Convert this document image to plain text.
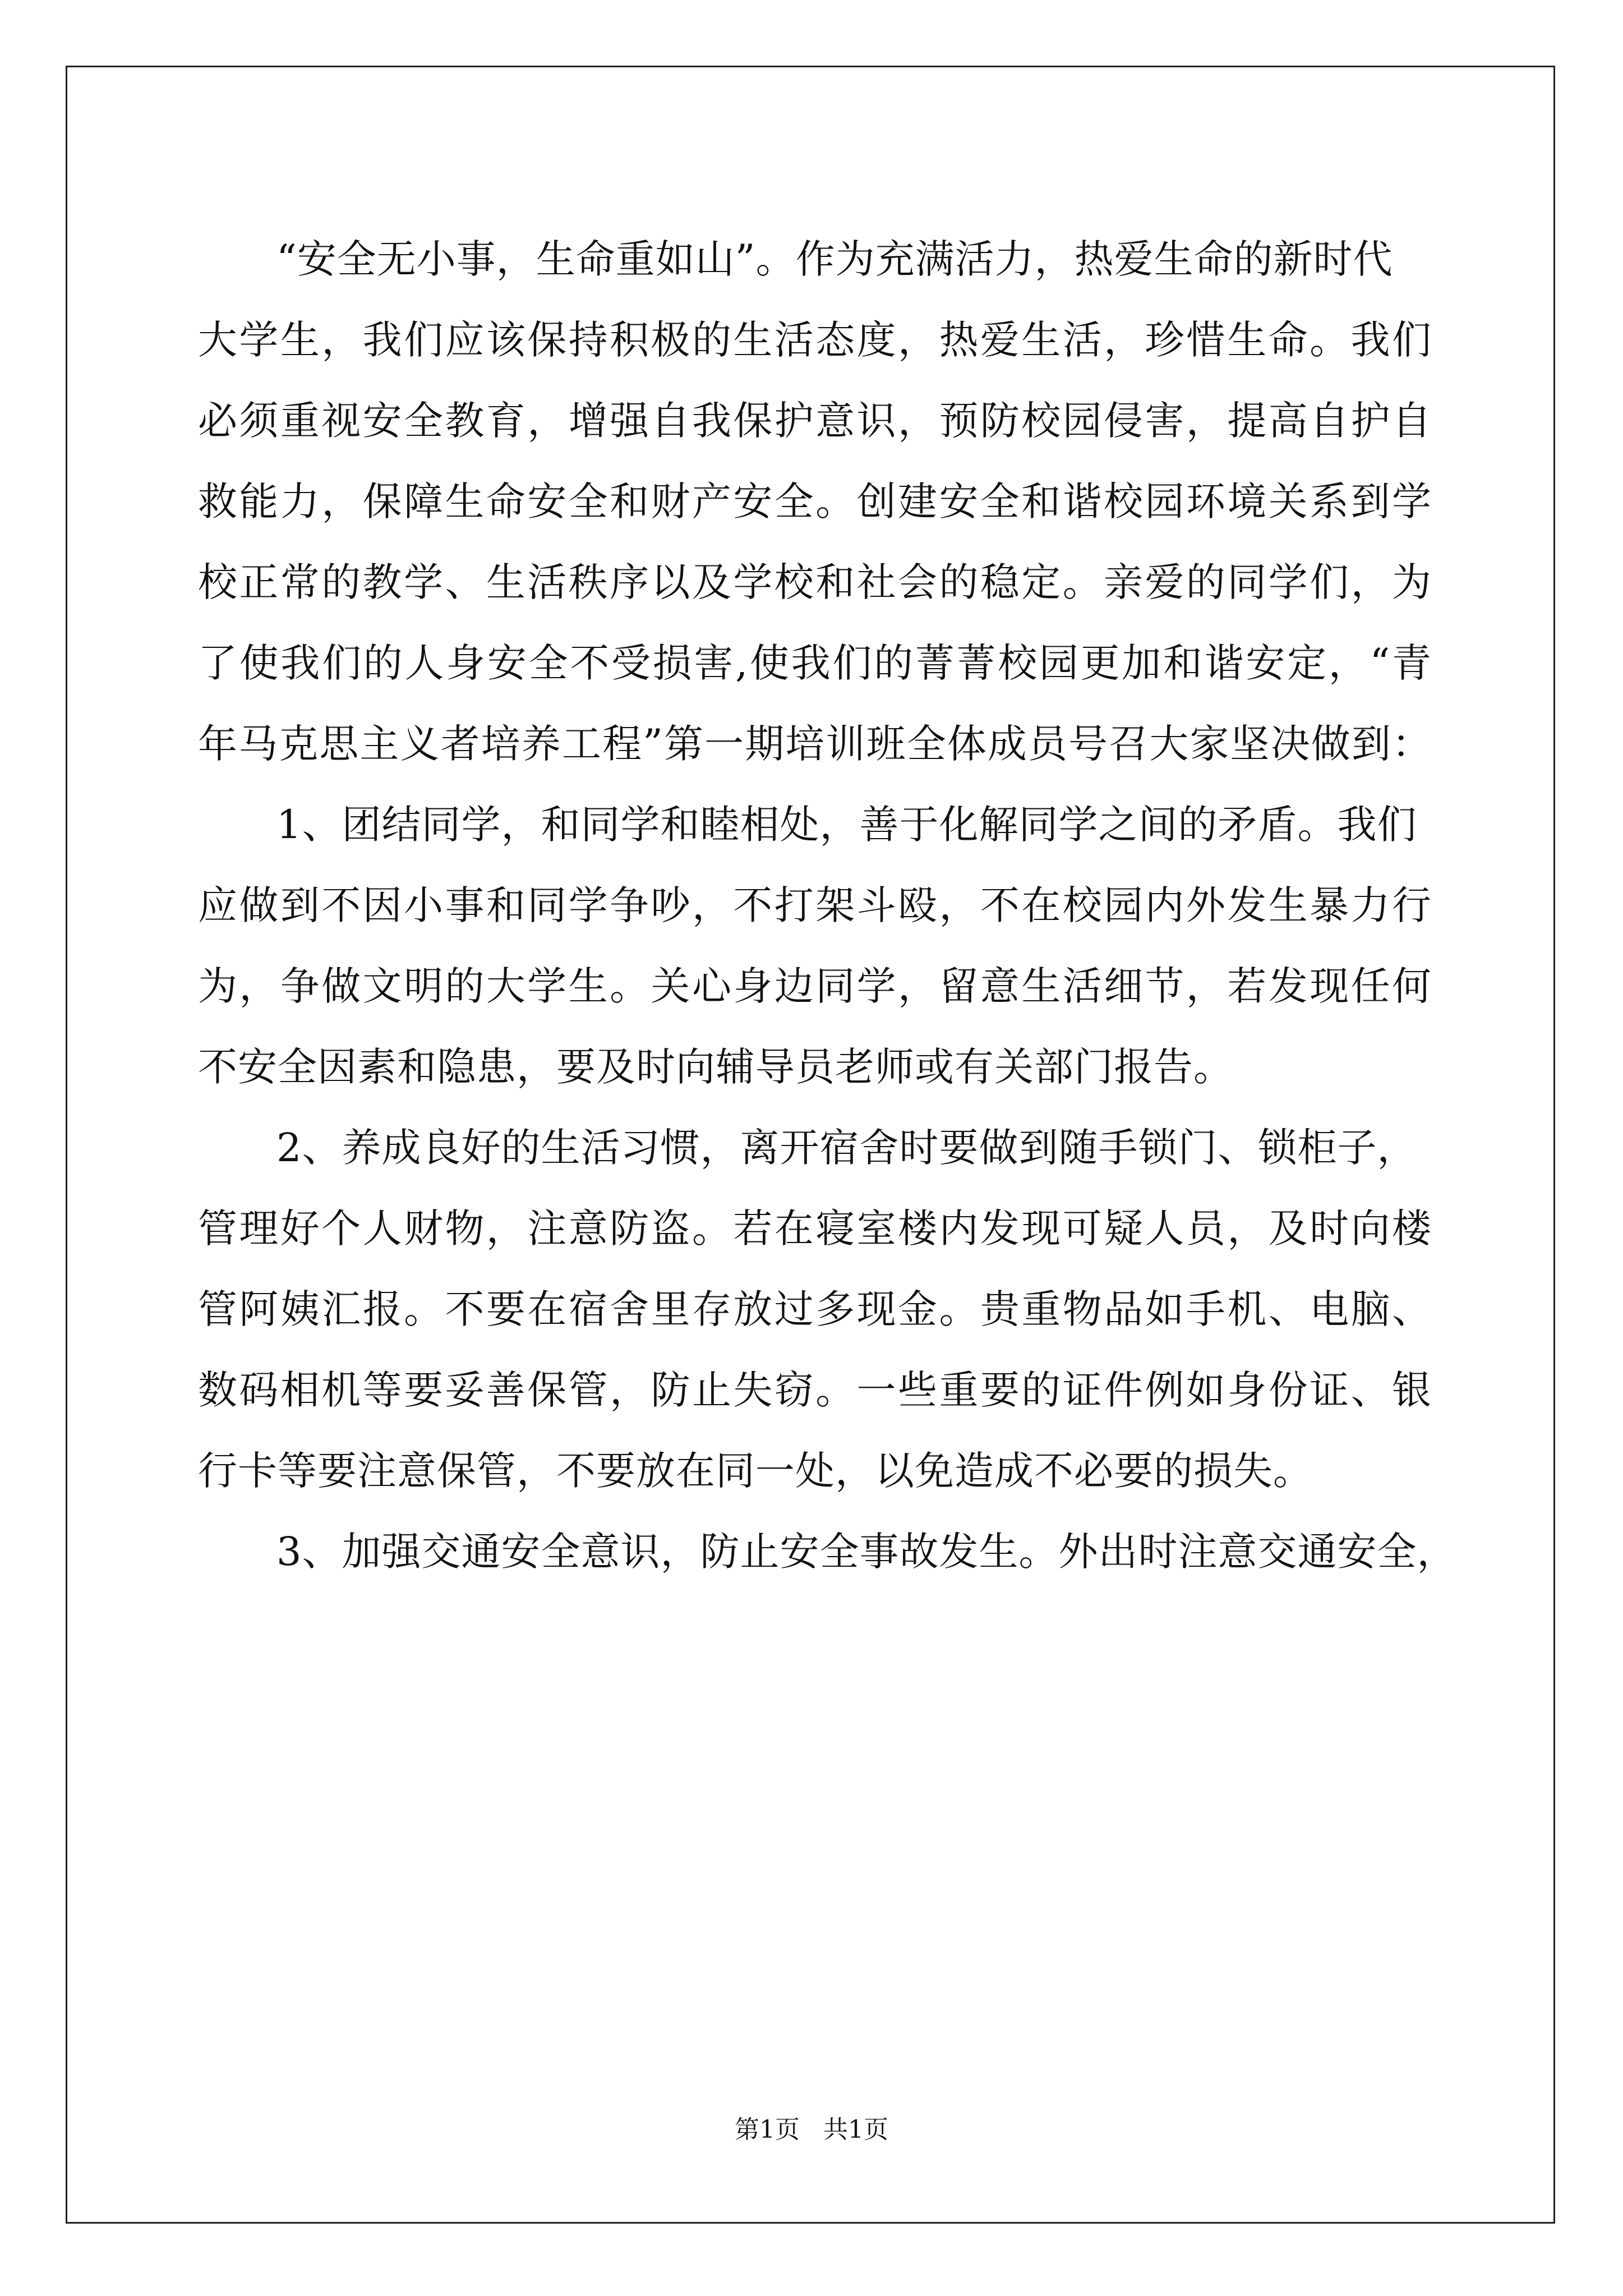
“安全无小事，生命重如山”。作为充满活力，热爱生命的新时代
大学生，我们应该保持积极的生活态度，热爱生活，珍惜生命。我们
必须重视安全教育，增强自我保护意识，预防校园侵害，提高自护自
救能力，保障生命安全和财产安全。创建安全和谐校园环境关系到学
校正常的教学、生活秩序以及学校和社会的稳定。亲爱的同学们，为
了使我们的人身安全不受损害,使我们的菁菁校园更加和谐安定，“青
年马克思主义者培养工程”第一期培训班全体成员号召大家坚决做到：
1、团结同学，和同学和睦相处，善于化解同学之间的矛盾。我们
应做到不因小事和同学争吵，不打架斗殴，不在校园内外发生暴力行
为，争做文明的大学生。关心身边同学，留意生活细节，若发现任何
不安全因素和隐患，要及时向辅导员老师或有关部门报告。
2、养成良好的生活习惯，离开宿舍时要做到随手锁门、锁柜子，
管理好个人财物，注意防盗。若在寝室楼内发现可疑人员，及时向楼
管阿姨汇报。不要在宿舍里存放过多现金。贵重物品如手机、电脑、
数码相机等要妥善保管，防止失窃。一些重要的证件例如身份证、银
行卡等要注意保管，不要放在同一处，以免造成不必要的损失。
3、加强交通安全意识，防止安全事故发生。外出时注意交通安全，
第1页   共1页
